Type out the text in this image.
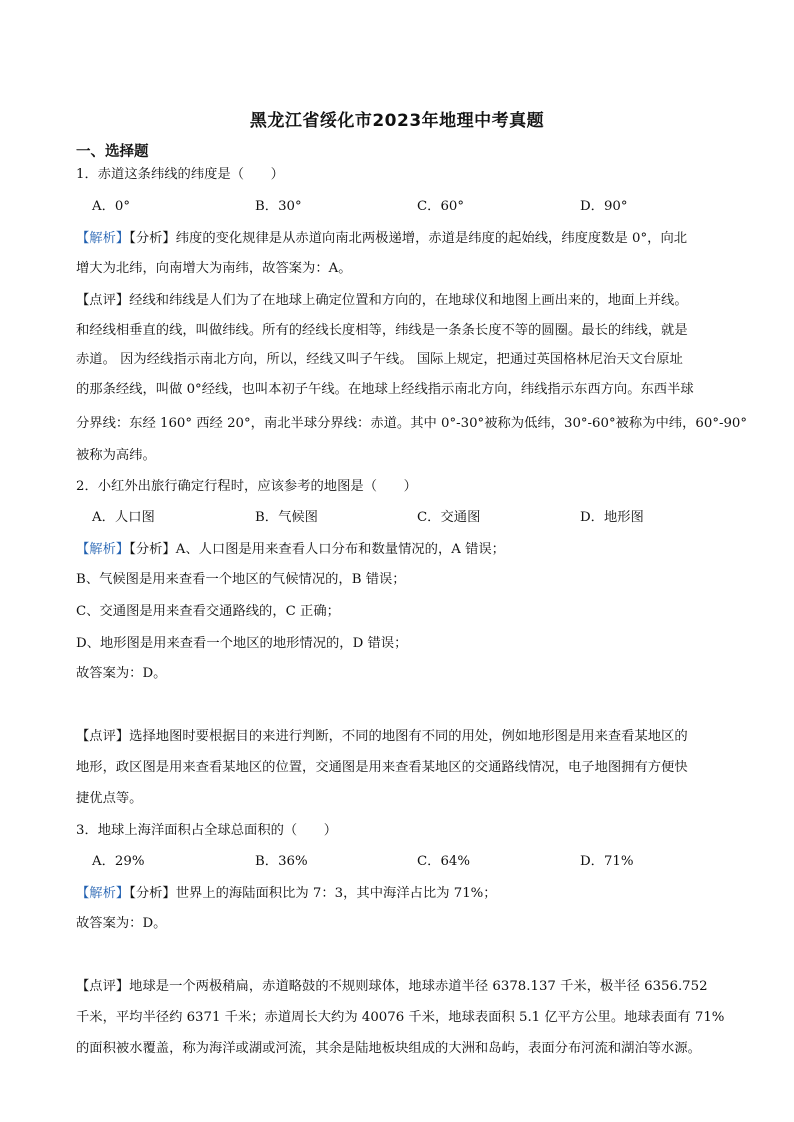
黑龙江省绥化市2023年地理中考真题
一、选择题
1．赤道这条纬线的纬度是（　　）
A．0°	B．30°	C．60°	D．90°
【解析】【分析】纬度的变化规律是从赤道向南北两极递增，赤道是纬度的起始线，纬度度数是 0°，向北
增大为北纬，向南增大为南纬，故答案为：A。
【点评】经线和纬线是人们为了在地球上确定位置和方向的，在地球仪和地图上画出来的，地面上并线。
和经线相垂直的线，叫做纬线。所有的经线长度相等，纬线是一条条长度不等的圆圈。最长的纬线，就是
赤道。 因为经线指示南北方向，所以，经线又叫子午线。 国际上规定，把通过英国格林尼治天文台原址
的那条经线，叫做 0°经线，也叫本初子午线。在地球上经线指示南北方向，纬线指示东西方向。东西半球
分界线：东经 160° 西经 20°，南北半球分界线：赤道。其中 0°-30°被称为低纬，30°-60°被称为中纬，60°-90°
被称为高纬。
2．小红外出旅行确定行程时，应该参考的地图是（　　）
A．人口图	B．气候图	C．交通图	D．地形图
【解析】【分析】A、人口图是用来查看人口分布和数量情况的，A 错误；
B、气候图是用来查看一个地区的气候情况的，B 错误；
C、交通图是用来查看交通路线的，C 正确；
D、地形图是用来查看一个地区的地形情况的，D 错误；
故答案为：D。
【点评】选择地图时要根据目的来进行判断，不同的地图有不同的用处，例如地形图是用来查看某地区的
地形，政区图是用来查看某地区的位置，交通图是用来查看某地区的交通路线情况，电子地图拥有方便快
捷优点等。
3．地球上海洋面积占全球总面积的（　　）
A．29%	B．36%	C．64%	D．71%
【解析】【分析】世界上的海陆面积比为 7：3，其中海洋占比为 71%；
故答案为：D。
【点评】地球是一个两极稍扁，赤道略鼓的不规则球体，地球赤道半径 6378.137 千米，极半径 6356.752
千米，平均半径约 6371 千米；赤道周长大约为 40076 千米，地球表面积 5.1 亿平方公里。地球表面有 71%
的面积被水覆盖，称为海洋或湖或河流，其余是陆地板块组成的大洲和岛屿，表面分布河流和湖泊等水源。
